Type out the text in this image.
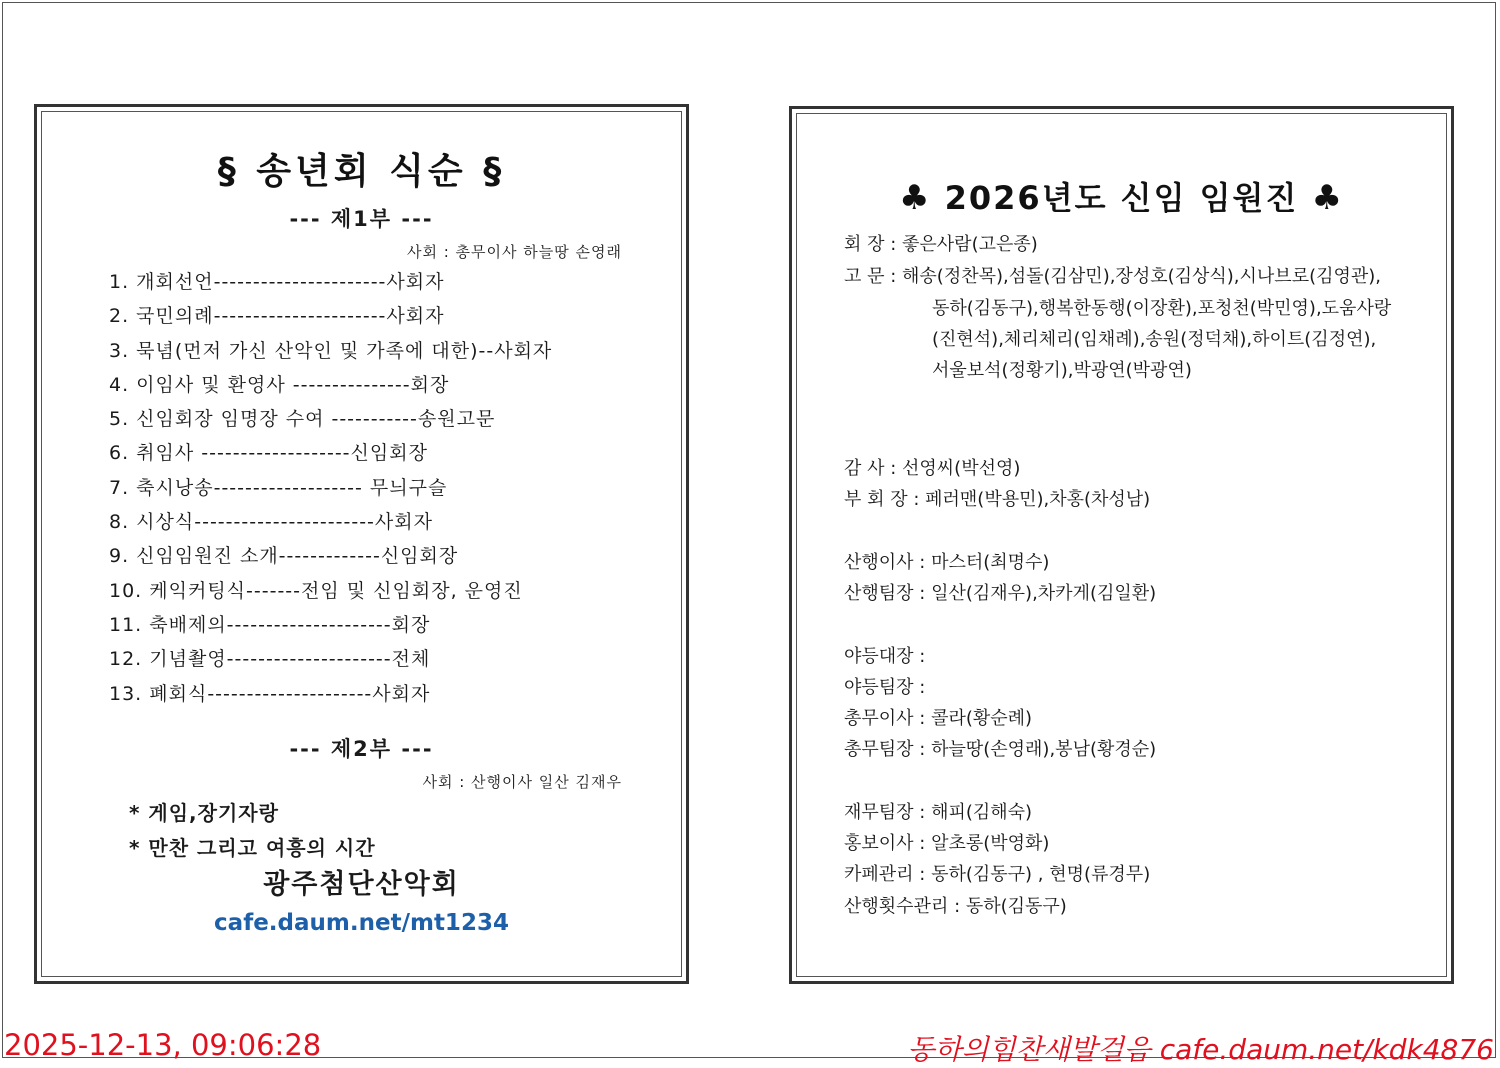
§ 송년회 식순 §
--- 제1부 ---
사회 : 총무이사 하늘땅 손영래
1. 개회선언----------------------사회자
2. 국민의례----------------------사회자
3. 묵념(먼저 가신 산악인 및 가족에 대한)--사회자
4. 이임사 및 환영사 ---------------회장
5. 신임회장 임명장 수여 -----------송원고문
6. 취임사 -------------------신임회장
7. 축시낭송------------------- 무늬구슬
8. 시상식-----------------------사회자
9. 신임임원진 소개-------------신임회장
10. 케익커팅식-------전임 및 신임회장, 운영진
11. 축배제의---------------------회장
12. 기념촬영---------------------전체
13. 폐회식---------------------사회자
--- 제2부 ---
사회 : 산행이사 일산 김재우
* 게임,장기자랑
* 만찬 그리고 여흥의 시간
광주첨단산악회
cafe.daum.net/mt1234
♣ 2026년도 신임 임원진 ♣
회 장 : 좋은사람(고은종)
고 문 : 해송(정찬목),섬돌(김삼민),장성호(김상식),시나브로(김영관),
감 사 : 선영씨(박선영)
부 회 장 : 페러맨(박용민),차홍(차성남)
산행이사 : 마스터(최명수)
산행팀장 : 일산(김재우),차카게(김일환)
야등대장 :
야등팀장 :
총무이사 : 콜라(황순례)
총무팀장 : 하늘땅(손영래),봉남(황경순)
재무팀장 : 해피(김해숙)
홍보이사 : 알초롱(박영화)
카페관리 : 동하(김동구) , 현명(류경무)
산행횟수관리 : 동하(김동구)
동하(김동구),행복한동행(이장환),포청천(박민영),도움사랑
(진현석),체리체리(임채례),송원(정덕채),하이트(김정연),
서울보석(정황기),박광연(박광연)
2025-12-13, 09:06:28	동하의힘찬새발걸음 cafe.daum.net/kdk4876
